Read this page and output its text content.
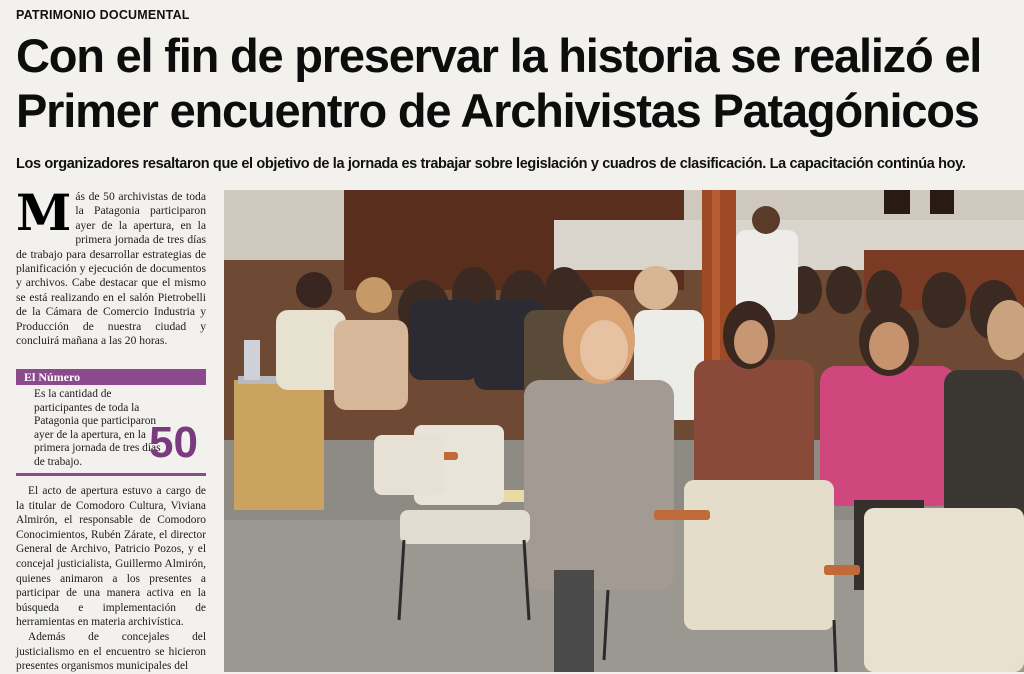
PATRIMONIO DOCUMENTAL
Con el fin de preservar la historia se realizó el Primer encuentro de Archivistas Patagónicos
Los organizadores resaltaron que el objetivo de la jornada es trabajar sobre legislación y cuadros de clasificación. La capacitación continúa hoy.

Más de 50 archivistas de toda la Patagonia participaron ayer de la apertura, en la primera jornada de tres días de trabajo para desarrollar estrategias de planificación y ejecución de documentos y archivos. Cabe destacar que el mismo se está realizando en el salón Pietrobelli de la Cámara de Comercio Industria y Producción de nuestra ciudad y concluirá mañana a las 20 horas.

El Número
Es la cantidad de participantes de toda la Patagonia que participaron ayer de la apertura, en la primera jornada de tres días de trabajo.	50

El acto de apertura estuvo a cargo de la titular de Comodoro Cultura, Viviana Almirón, el responsable de Comodoro Conocimientos, Rubén Zárate, el director General de Archivo, Patricio Pozos, y el concejal justicialista, Guillermo Almirón, quienes animaron a los presentes a participar de una manera activa en la búsqueda e implementación de herramientas en materia archivística.

Además de concejales del justicialismo en el encuentro se hicieron presentes organismos municipales del
